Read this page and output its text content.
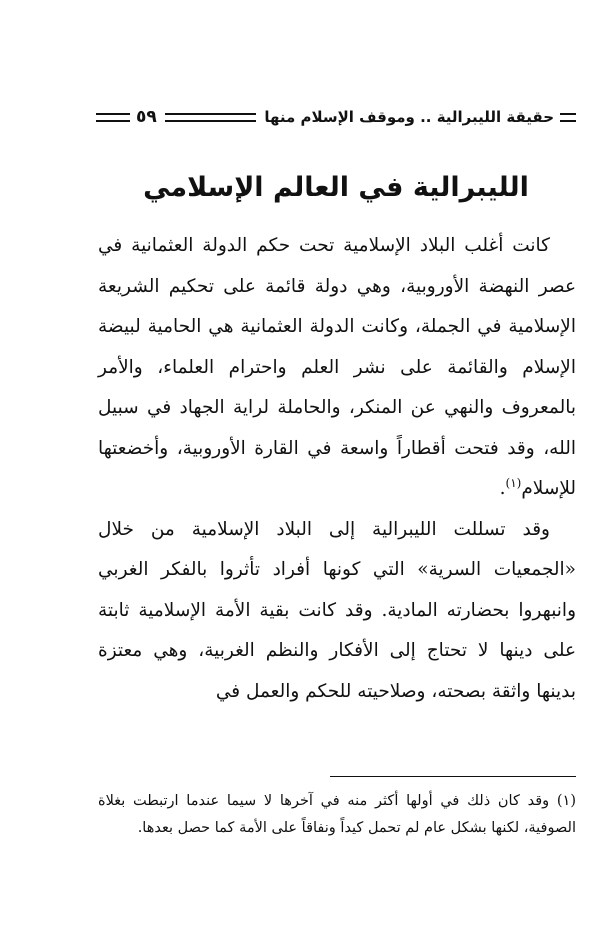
حقيقة الليبرالية .. وموقف الإسلام منها
٥٩
الليبرالية في العالم الإسلامي

كانت أغلب البلاد الإسلامية تحت حكم الدولة العثمانية في عصر النهضة الأوروبية، وهي دولة قائمة على تحكيم الشريعة الإسلامية في الجملة، وكانت الدولة العثمانية هي الحامية لبيضة الإسلام والقائمة على نشر العلم واحترام العلماء، والأمر بالمعروف والنهي عن المنكر، والحاملة لراية الجهاد في سبيل الله، وقد فتحت أقطاراً واسعة في القارة الأوروبية، وأخضعتها للإسلام$^{(١)}$.

وقد تسللت الليبرالية إلى البلاد الإسلامية من خلال «الجمعيات السرية» التي كونها أفراد تأثروا بالفكر الغربي وانبهروا بحضارته المادية. وقد كانت بقية الأمة الإسلامية ثابتة على دينها لا تحتاج إلى الأفكار والنظم الغربية، وهي معتزة بدينها واثقة بصحته، وصلاحيته للحكم والعمل في

(١) وقد كان ذلك في أولها أكثر منه في آخرها لا سيما عندما ارتبطت بغلاة الصوفية، لكنها بشكل عام لم تحمل كيداً ونفاقاً على الأمة كما حصل بعدها.
